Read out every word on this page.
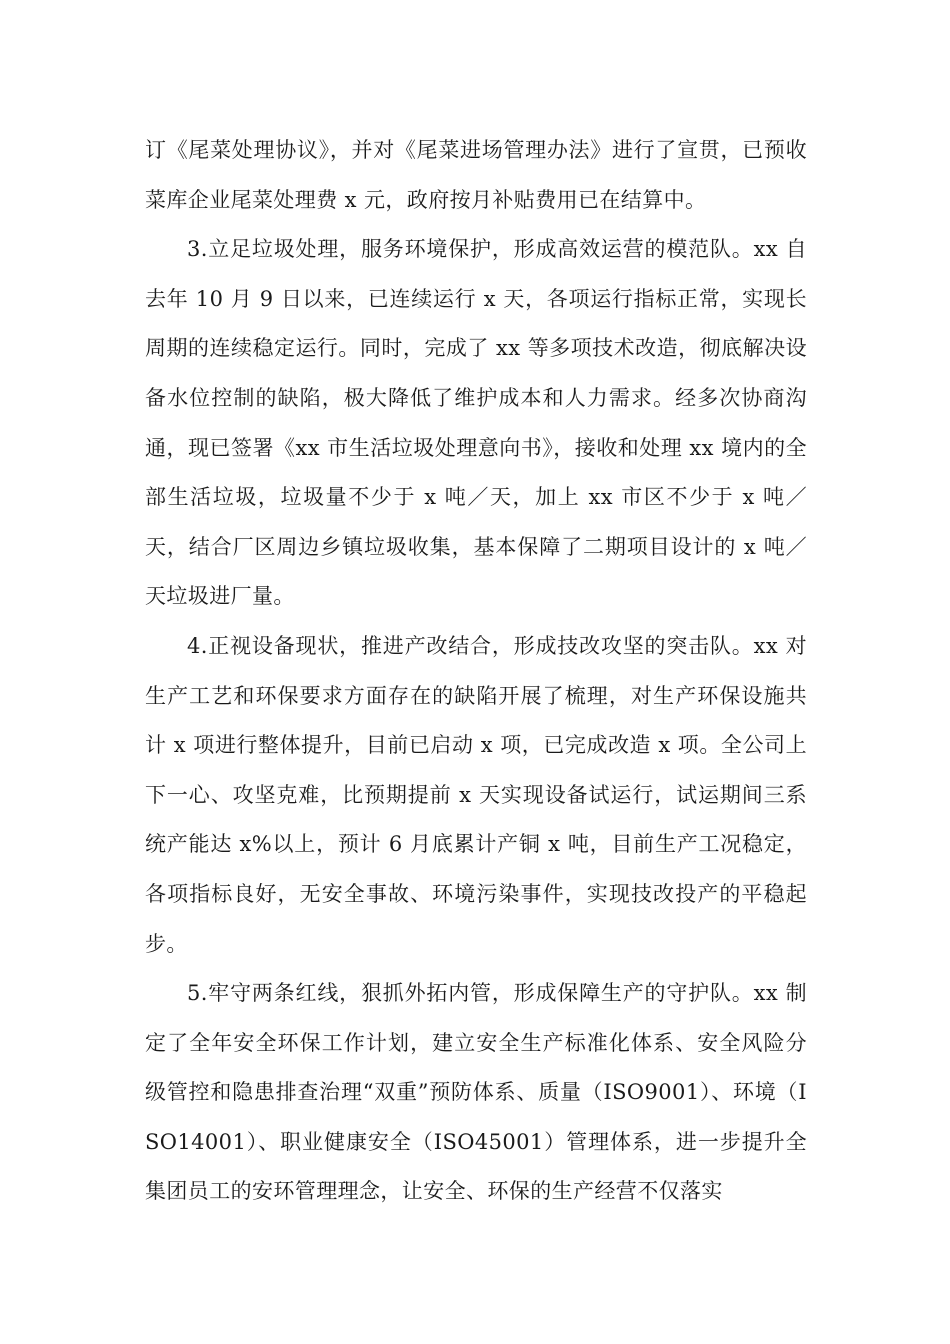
订《尾菜处理协议》，并对《尾菜进场管理办法》进行了宣贯，已预收菜库企业尾菜处理费 x 元，政府按月补贴费用已在结算中。

3.立足垃圾处理，服务环境保护，形成高效运营的模范队。xx 自去年 10 月 9 日以来，已连续运行 x 天，各项运行指标正常，实现长周期的连续稳定运行。同时，完成了 xx 等多项技术改造，彻底解决设备水位控制的缺陷，极大降低了维护成本和人力需求。经多次协商沟通，现已签署《xx 市生活垃圾处理意向书》，接收和处理 xx 境内的全部生活垃圾，垃圾量不少于 x 吨／天，加上 xx 市区不少于 x 吨／天，结合厂区周边乡镇垃圾收集，基本保障了二期项目设计的 x 吨／天垃圾进厂量。

4.正视设备现状，推进产改结合，形成技改攻坚的突击队。xx 对生产工艺和环保要求方面存在的缺陷开展了梳理，对生产环保设施共计 x 项进行整体提升，目前已启动 x 项，已完成改造 x 项。全公司上下一心、攻坚克难，比预期提前 x 天实现设备试运行，试运期间三系统产能达 x%以上，预计 6 月底累计产铜 x 吨，目前生产工况稳定，各项指标良好，无安全事故、环境污染事件，实现技改投产的平稳起步。

5.牢守两条红线，狠抓外拓内管，形成保障生产的守护队。xx 制定了全年安全环保工作计划，建立安全生产标准化体系、安全风险分级管控和隐患排查治理“双重”预防体系、质量（ISO9001）、环境（ISO14001）、职业健康安全（ISO45001）管理体系，进一步提升全集团员工的安环管理理念，让安全、环保的生产经营不仅落实
